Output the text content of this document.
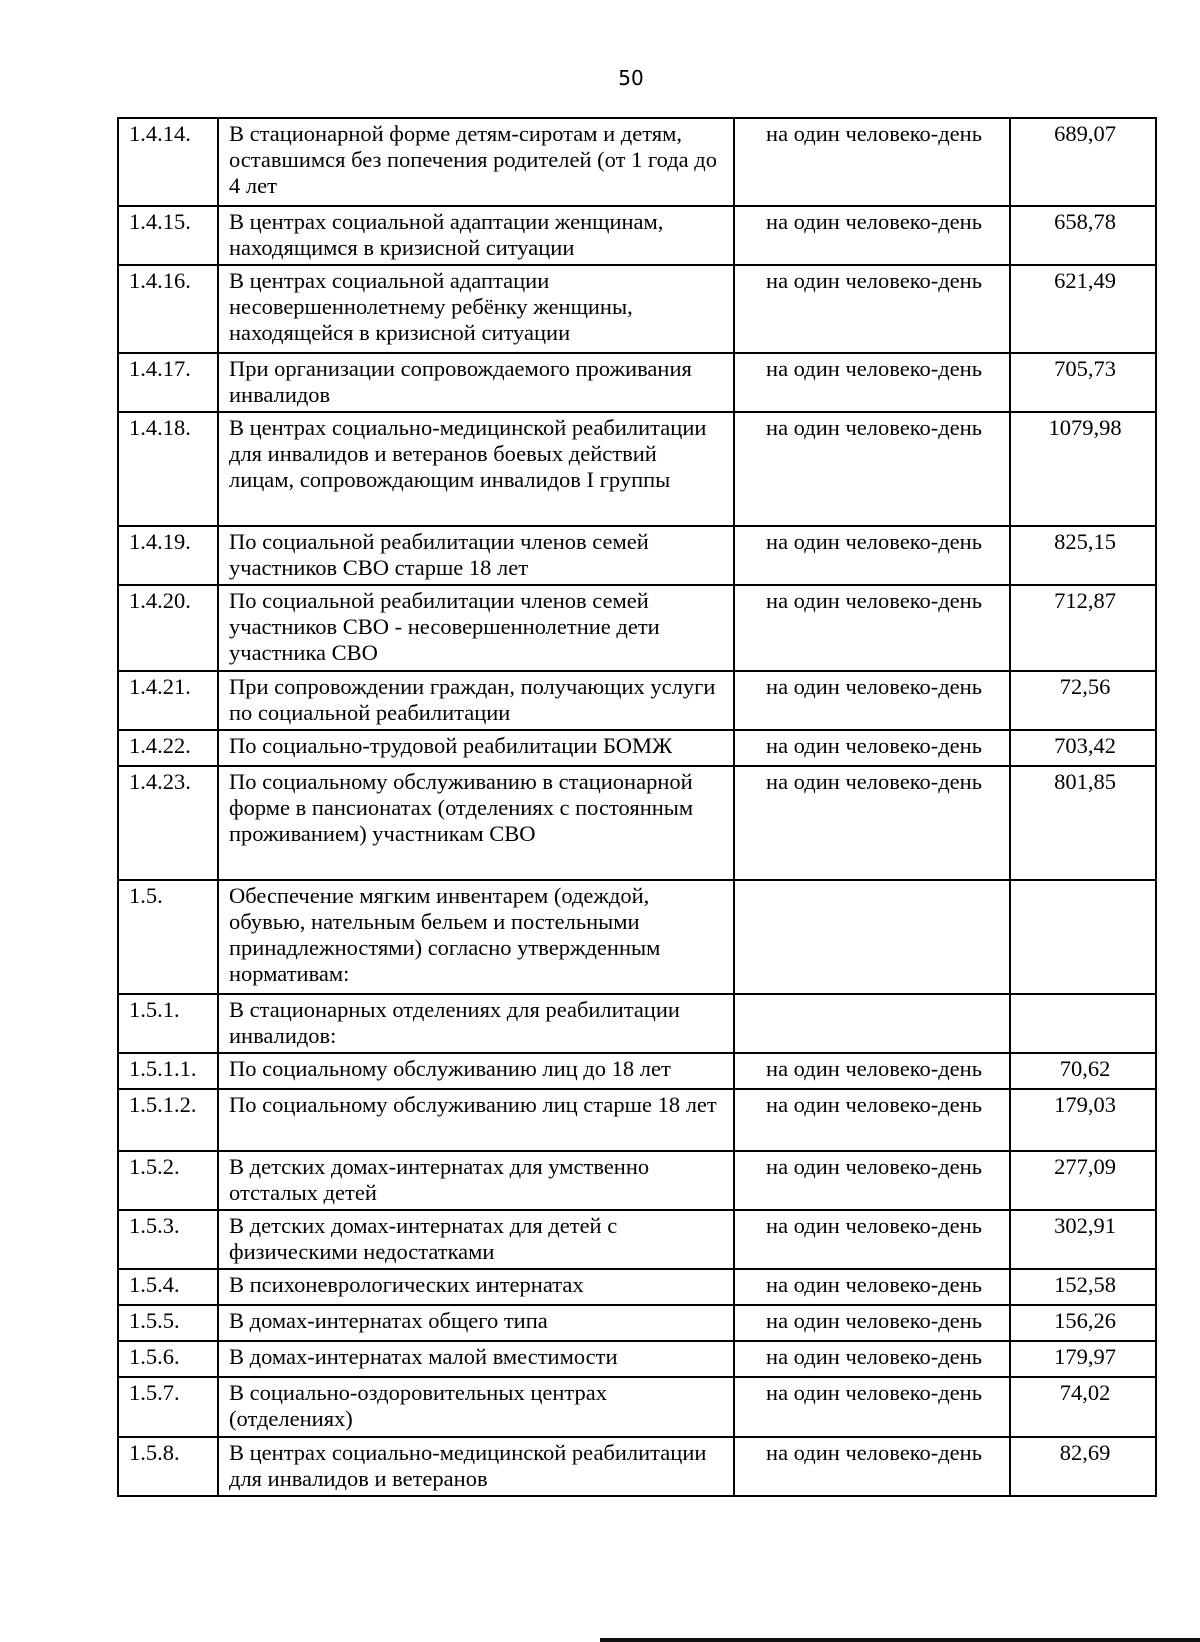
50
1.4.14.	В стационарной форме детям-сиротам и детям, оставшимся без попечения родителей (от 1 года до 4 лет	на один человеко-день	689,07
1.4.15.	В центрах социальной адаптации женщинам, находящимся в кризисной ситуации	на один человеко-день	658,78
1.4.16.	В центрах социальной адаптации несовершеннолетнему ребёнку женщины, находящейся в кризисной ситуации	на один человеко-день	621,49
1.4.17.	При организации сопровождаемого проживания инвалидов	на один человеко-день	705,73
1.4.18.	В центрах социально-медицинской реабилитации для инвалидов и ветеранов боевых действий лицам, сопровождающим инвалидов I группы	на один человеко-день	1079,98
1.4.19.	По социальной реабилитации членов семей участников СВО старше 18 лет	на один человеко-день	825,15
1.4.20.	По социальной реабилитации членов семей участников СВО - несовершеннолетние дети участника СВО	на один человеко-день	712,87
1.4.21.	При сопровождении граждан, получающих услуги по социальной реабилитации	на один человеко-день	72,56
1.4.22.	По социально-трудовой реабилитации БОМЖ	на один человеко-день	703,42
1.4.23.	По социальному обслуживанию в стационарной форме в пансионатах (отделениях с постоянным проживанием) участникам СВО	на один человеко-день	801,85
1.5.	Обеспечение мягким инвентарем (одеждой, обувью, нательным бельем и постельными принадлежностями) согласно утвержденным нормативам:		
1.5.1.	В стационарных отделениях для реабилитации инвалидов:		
1.5.1.1.	По социальному обслуживанию лиц до 18 лет	на один человеко-день	70,62
1.5.1.2.	По социальному обслуживанию лиц старше 18 лет	на один человеко-день	179,03
1.5.2.	В детских домах-интернатах для умственно отсталых детей	на один человеко-день	277,09
1.5.3.	В детских домах-интернатах для детей с физическими недостатками	на один человеко-день	302,91
1.5.4.	В психоневрологических интернатах	на один человеко-день	152,58
1.5.5.	В домах-интернатах общего типа	на один человеко-день	156,26
1.5.6.	В домах-интернатах малой вместимости	на один человеко-день	179,97
1.5.7.	В социально-оздоровительных центрах (отделениях)	на один человеко-день	74,02
1.5.8.	В центрах социально-медицинской реабилитации для инвалидов и ветеранов	на один человеко-день	82,69
